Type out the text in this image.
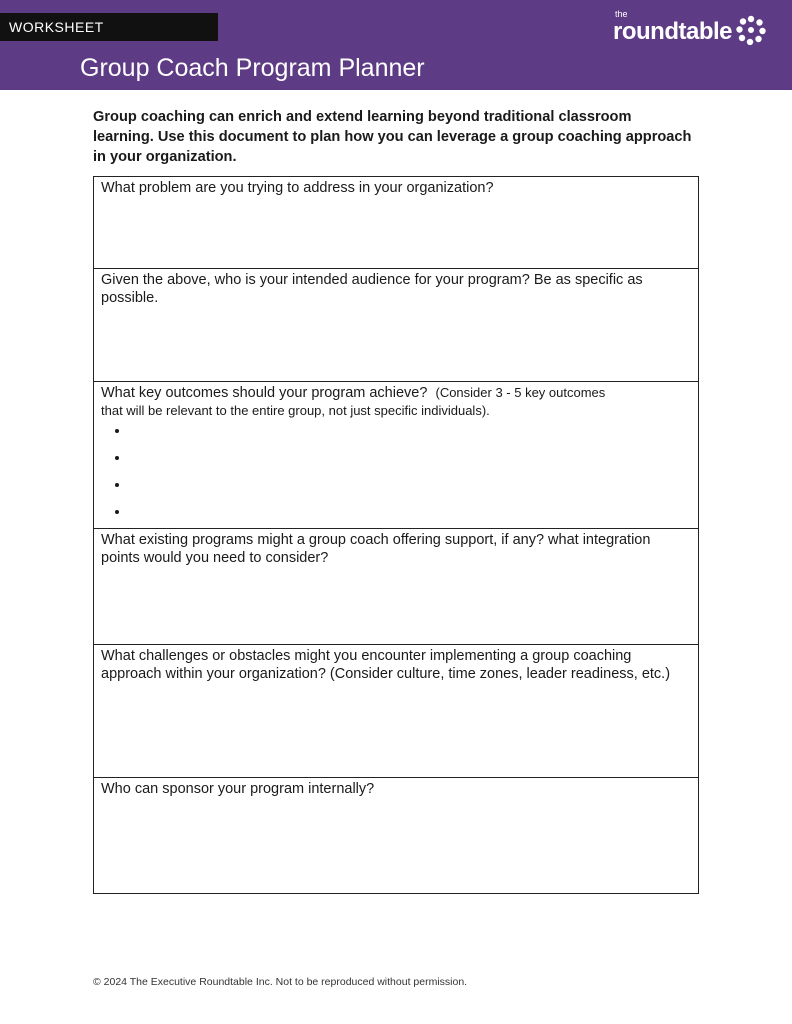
WORKSHEET
Group Coach Program Planner
the
roundtable

Group coaching can enrich and extend learning beyond traditional classroom learning. Use this document to plan how you can leverage a group coaching approach in your organization.

What problem are you trying to address in your organization?

Given the above, who is your intended audience for your program? Be as specific as possible.

What key outcomes should your program achieve? (Consider 3 - 5 key outcomes

that will be relevant to the entire group, not just specific individuals).

•
•
•
•

What existing programs might a group coach offering support, if any? what integration points would you need to consider?

What challenges or obstacles might you encounter implementing a group coaching approach within your organization? (Consider culture, time zones, leader readiness, etc.)

Who can sponsor your program internally?

© 2024 The Executive Roundtable Inc. Not to be reproduced without permission.
